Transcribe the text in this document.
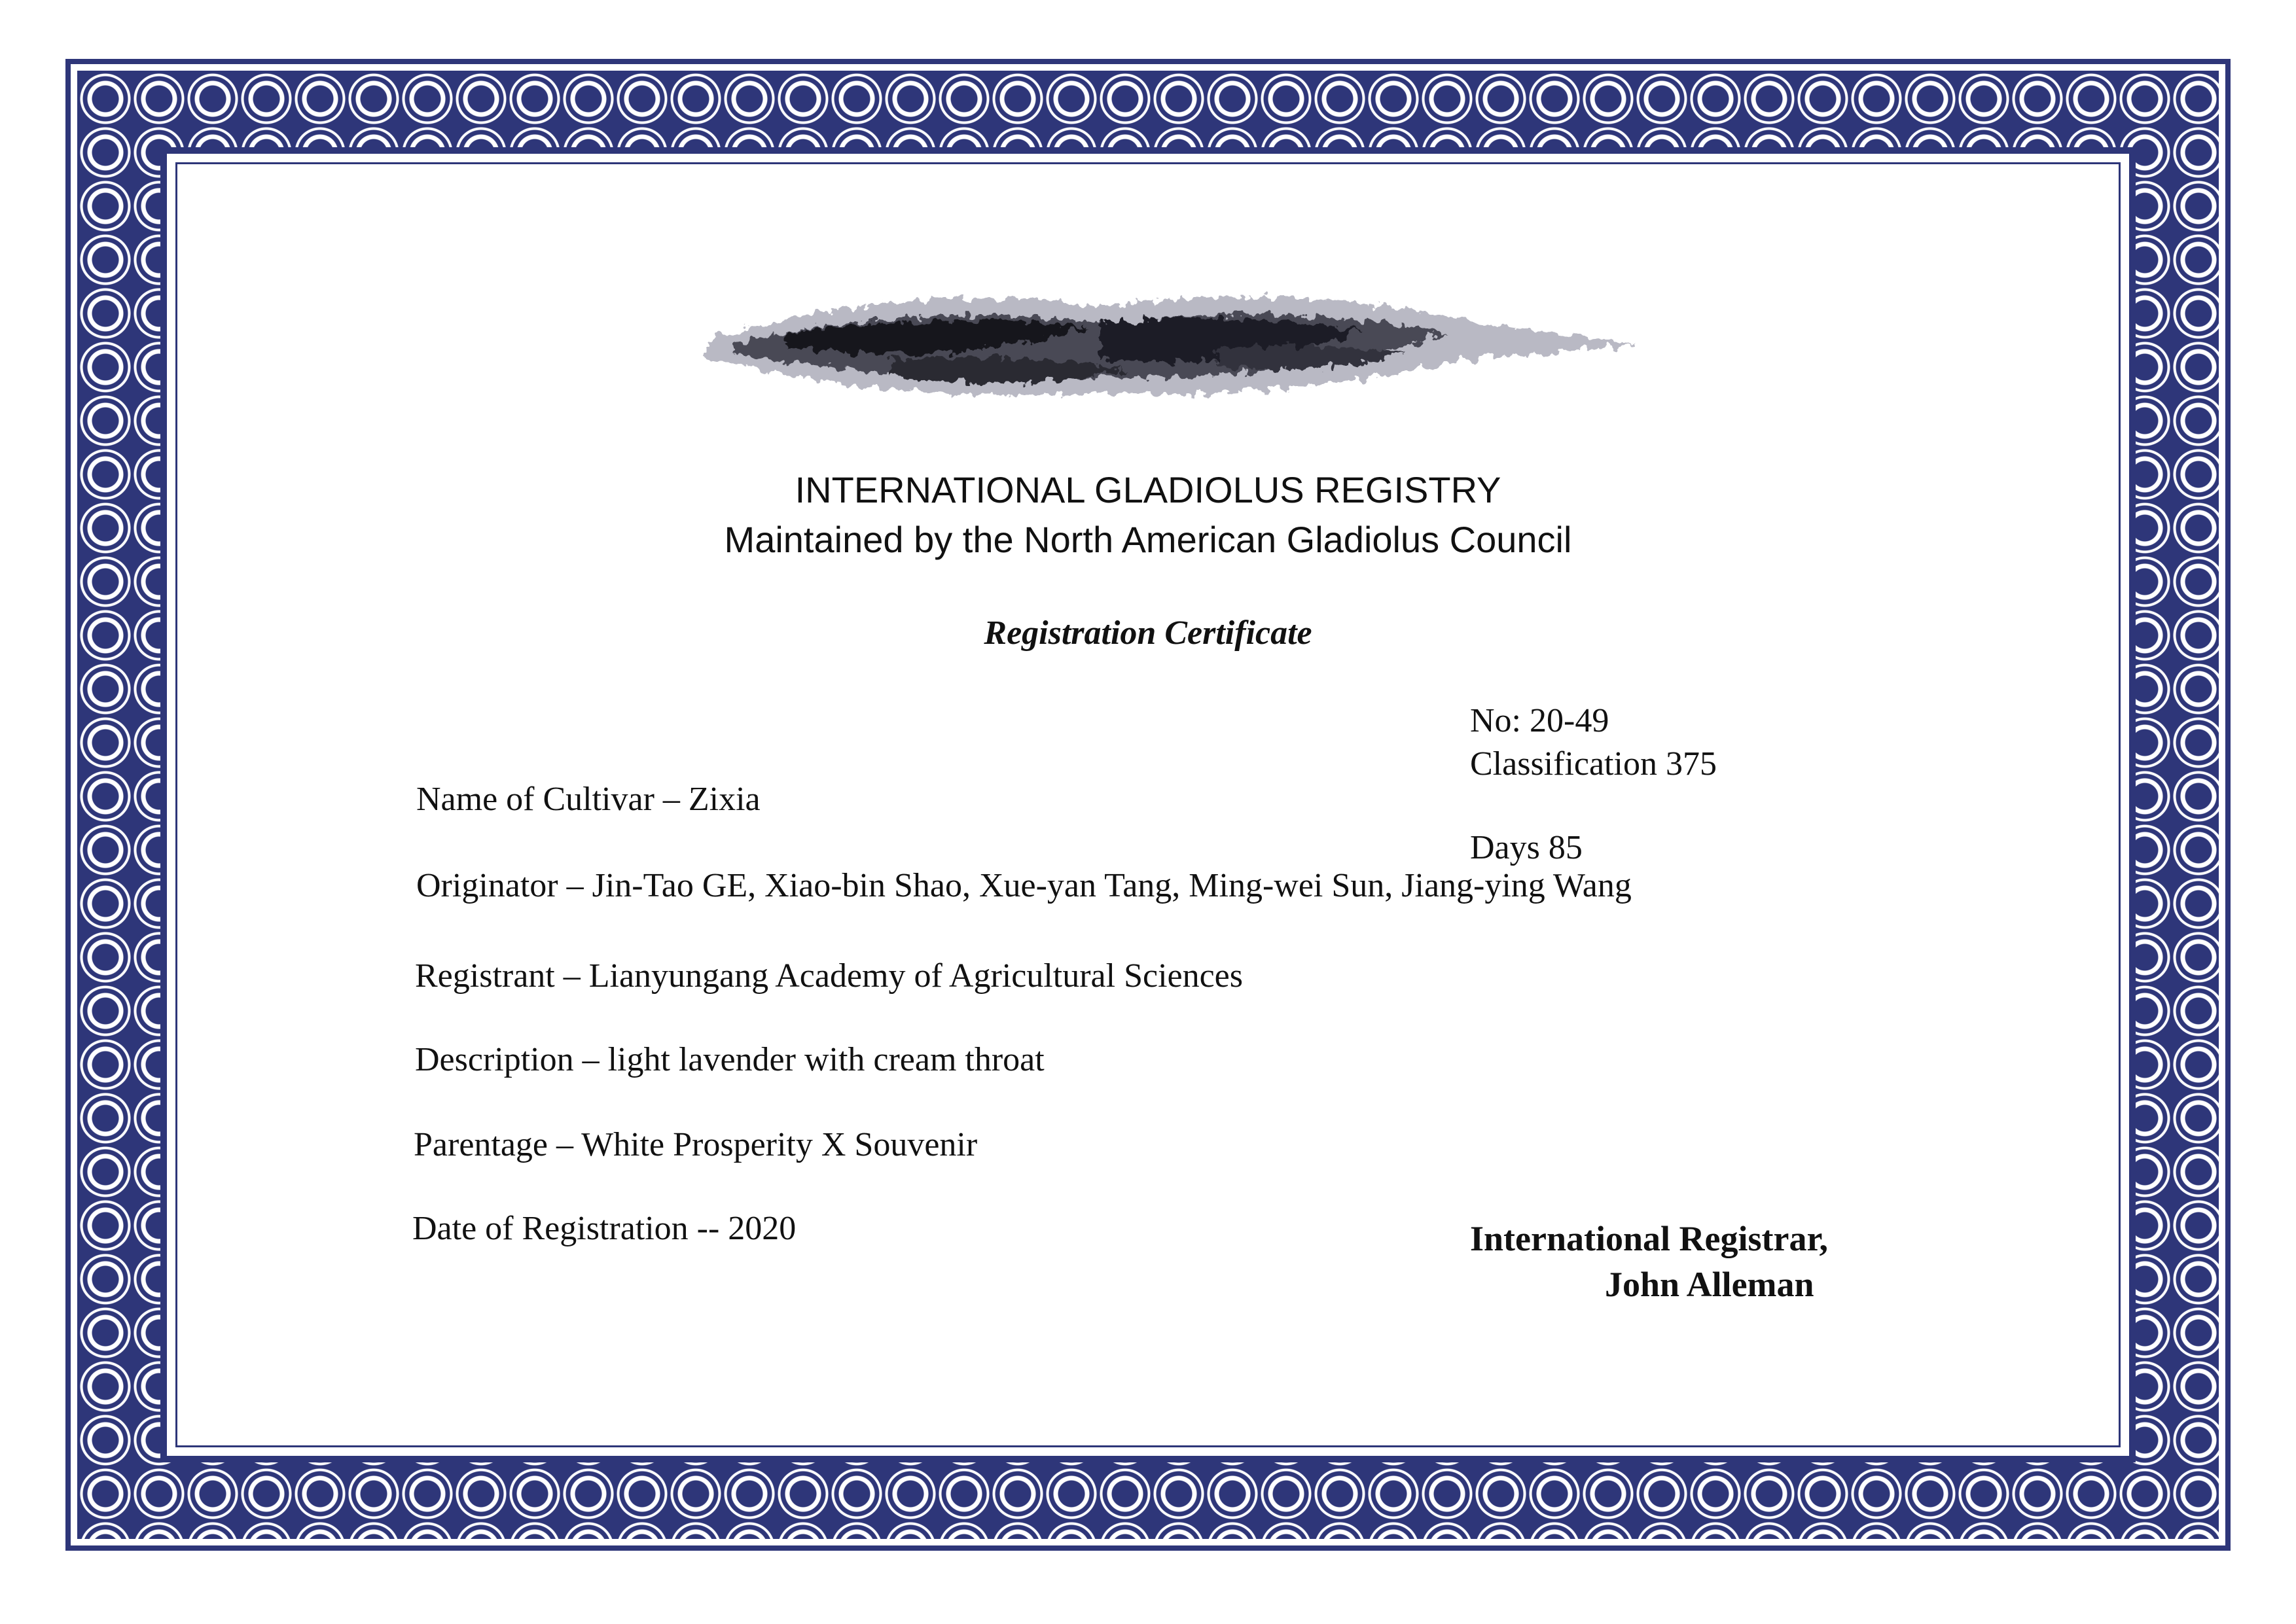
INTERNATIONAL GLADIOLUS REGISTRY
Maintained by the North American Gladiolus Council
Registration Certificate
No: 20-49
Classification 375
Days 85
Name of Cultivar – Zixia
Originator – Jin-Tao GE, Xiao-bin Shao, Xue-yan Tang, Ming-wei Sun, Jiang-ying Wang
Registrant – Lianyungang Academy of Agricultural Sciences
Description – light lavender with cream throat
Parentage – White Prosperity X Souvenir
Date of Registration -- 2020	International Registrar,
John Alleman
